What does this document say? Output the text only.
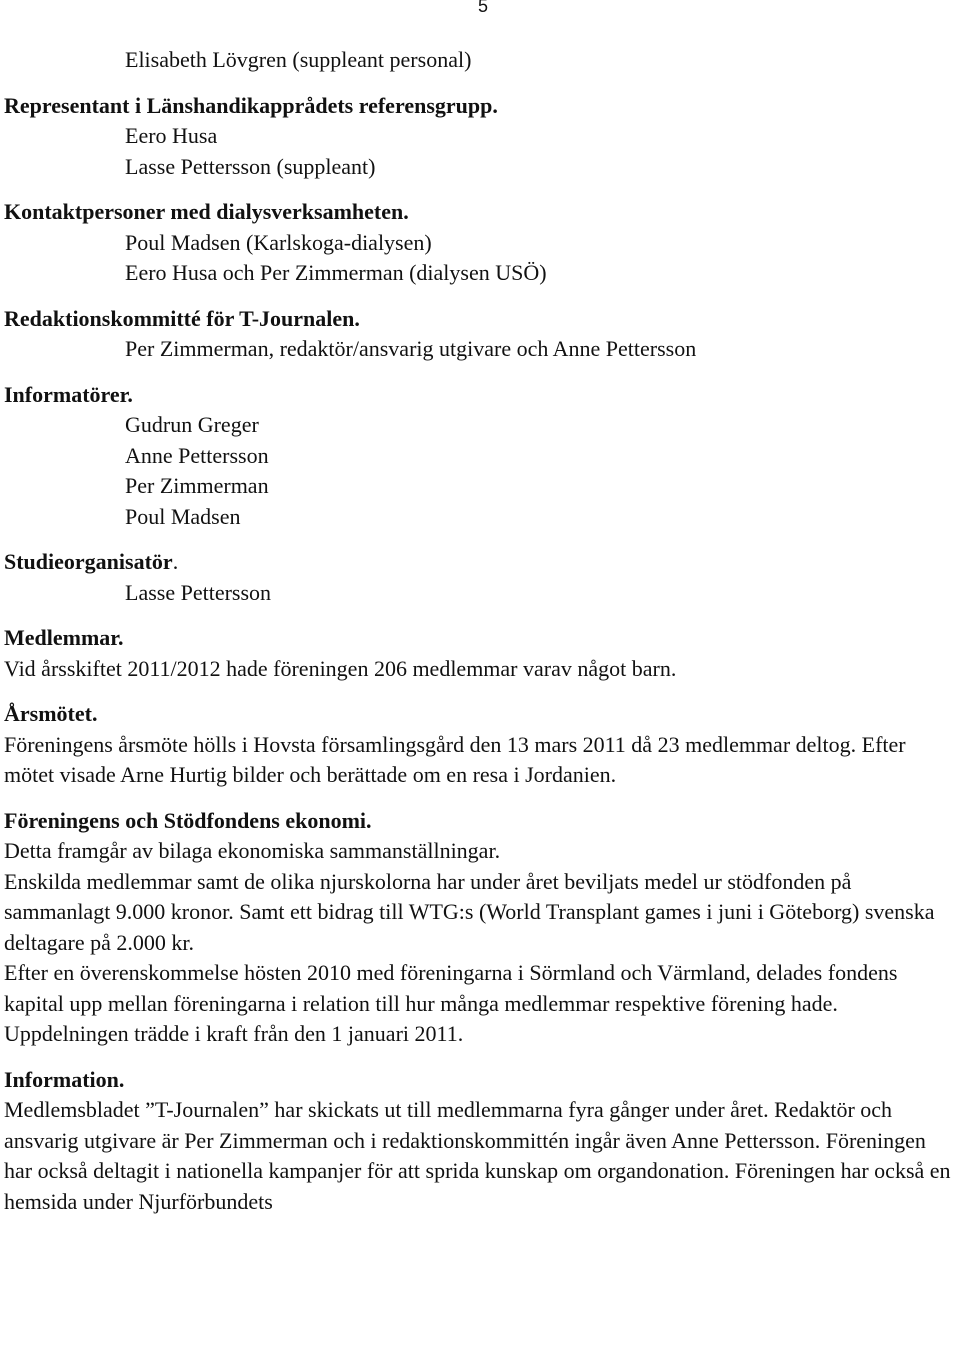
5
Elisabeth Lövgren (suppleant personal)
Representant i Länshandikapprådets referensgrupp.
Eero Husa
Lasse Pettersson (suppleant)
Kontaktpersoner med dialysverksamheten.
Poul Madsen (Karlskoga-dialysen)
Eero Husa och Per Zimmerman (dialysen USÖ)
Redaktionskommitté för T-Journalen.
Per Zimmerman, redaktör/ansvarig utgivare och Anne Pettersson
Informatörer.
Gudrun Greger
Anne Pettersson
Per Zimmerman
Poul Madsen
Studieorganisatör.
Lasse Pettersson
Medlemmar.
Vid årsskiftet 2011/2012 hade föreningen 206 medlemmar varav något barn.
Årsmötet.
Föreningens årsmöte hölls i Hovsta församlingsgård den 13 mars 2011 då 23 medlemmar deltog. Efter mötet visade Arne Hurtig bilder och berättade om en resa i Jordanien.
Föreningens och Stödfondens ekonomi.
Detta framgår av bilaga ekonomiska sammanställningar.
Enskilda medlemmar samt de olika njurskolorna har under året beviljats medel ur stödfonden på sammanlagt 9.000 kronor. Samt ett bidrag till WTG:s (World Transplant games i juni i Göteborg) svenska deltagare på 2.000 kr.
Efter en överenskommelse hösten 2010 med föreningarna i Sörmland och Värmland, delades fondens kapital upp mellan föreningarna i relation till hur många medlemmar respektive förening hade. Uppdelningen trädde i kraft från den 1 januari 2011.
Information.
Medlemsbladet ”T-Journalen” har skickats ut till medlemmarna fyra gånger under året. Redaktör och ansvarig utgivare är Per Zimmerman och i redaktionskommittén ingår även Anne Pettersson. Föreningen har också deltagit i nationella kampanjer för att sprida kunskap om organdonation. Föreningen har också en hemsida under Njurförbundets
